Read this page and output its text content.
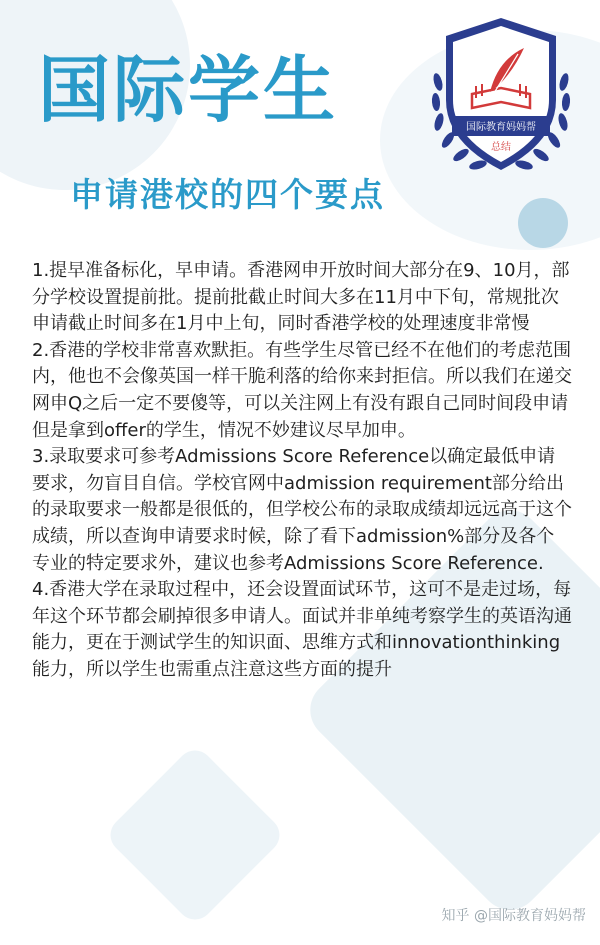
国际学生
申请港校的四个要点
国际教育妈妈帮
总结

1.提早准备标化，早申请。香港网申开放时间大部分在9、10月，部分学校设置提前批。提前批截止时间大多在11月中下旬，常规批次申请截止时间多在1月中上旬，同时香港学校的处理速度非常慢

2.香港的学校非常喜欢默拒。有些学生尽管已经不在他们的考虑范围内，他也不会像英国一样干脆利落的给你来封拒信。所以我们在递交网申Q之后一定不要傻等，可以关注网上有没有跟自己同时间段申请但是拿到offer的学生，情况不妙建议尽早加申。

3.录取要求可参考Admissions Score Reference以确定最低申请要求，勿盲目自信。学校官网中admission requirement部分给出的录取要求一般都是很低的，但学校公布的录取成绩却远远高于这个成绩，所以查询申请要求时候，除了看下admission%部分及各个专业的特定要求外，建议也参考Admissions Score Reference.

4.香港大学在录取过程中，还会设置面试环节，这可不是走过场，每年这个环节都会刷掉很多申请人。面试并非单纯考察学生的英语沟通能力，更在于测试学生的知识面、思维方式和innovationthinking能力，所以学生也需重点注意这些方面的提升

知乎 @国际教育妈妈帮
